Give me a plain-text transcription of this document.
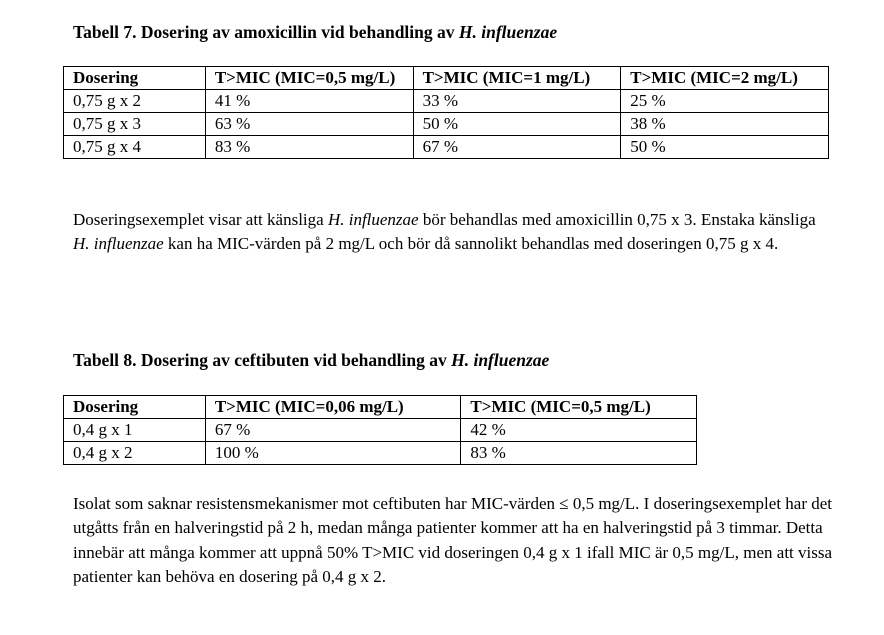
Tabell 7. Dosering av amoxicillin vid behandling av H. influenzae
Dosering	T>MIC (MIC=0,5 mg/L)	T>MIC (MIC=1 mg/L)	T>MIC (MIC=2 mg/L)
0,75 g x 2	41 %	33 %	25 %
0,75 g x 3	63 %	50 %	38 %
0,75 g x 4	83 %	67 %	50 %
Doseringsexemplet visar att känsliga H. influenzae bör behandlas med amoxicillin 0,75 x 3. Enstaka känsliga H. influenzae kan ha MIC-värden på 2 mg/L och bör då sannolikt behandlas med doseringen 0,75 g x 4.
Tabell 8. Dosering av ceftibuten vid behandling av H. influenzae
Dosering	T>MIC (MIC=0,06 mg/L)	T>MIC (MIC=0,5 mg/L)
0,4 g x 1	67 %	42 %
0,4 g x 2	100 %	83 %
Isolat som saknar resistensmekanismer mot ceftibuten har MIC-värden ≤ 0,5 mg/L. I doseringsexemplet har det utgåtts från en halveringstid på 2 h, medan många patienter kommer att ha en halveringstid på 3 timmar. Detta innebär att många kommer att uppnå 50% T>MIC vid doseringen 0,4 g x 1 ifall MIC är 0,5 mg/L, men att vissa patienter kan behöva en dosering på 0,4 g x 2.
